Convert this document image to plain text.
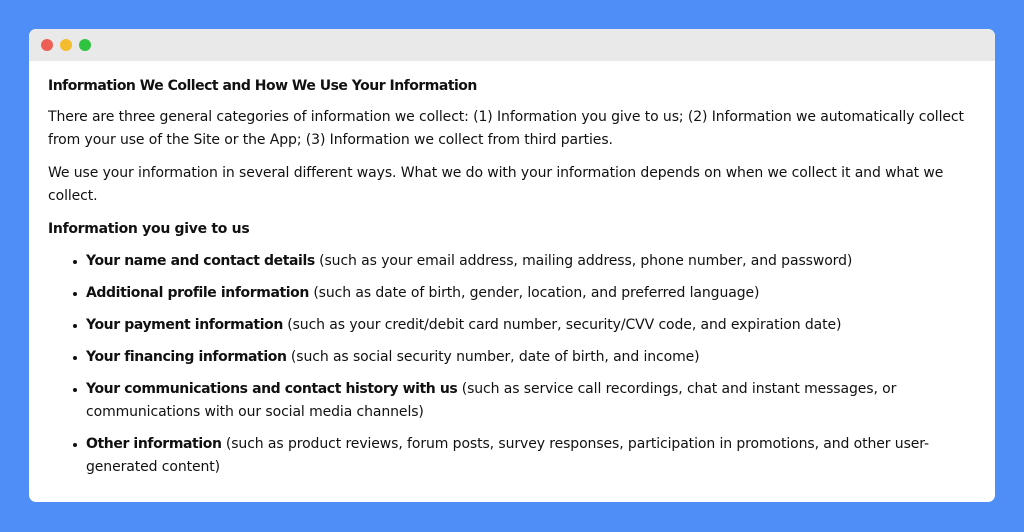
Information We Collect and How We Use Your Information
There are three general categories of information we collect: (1) Information you give to us; (2) Information we automatically collect from your use of the Site or the App; (3) Information we collect from third parties.
We use your information in several different ways. What we do with your information depends on when we collect it and what we collect.
Information you give to us
Your name and contact details (such as your email address, mailing address, phone number, and password)
Additional profile information (such as date of birth, gender, location, and preferred language)
Your payment information (such as your credit/debit card number, security/CVV code, and expiration date)
Your financing information (such as social security number, date of birth, and income)
Your communications and contact history with us (such as service call recordings, chat and instant messages, or communications with our social media channels)
Other information (such as product reviews, forum posts, survey responses, participation in promotions, and other user-generated content)
